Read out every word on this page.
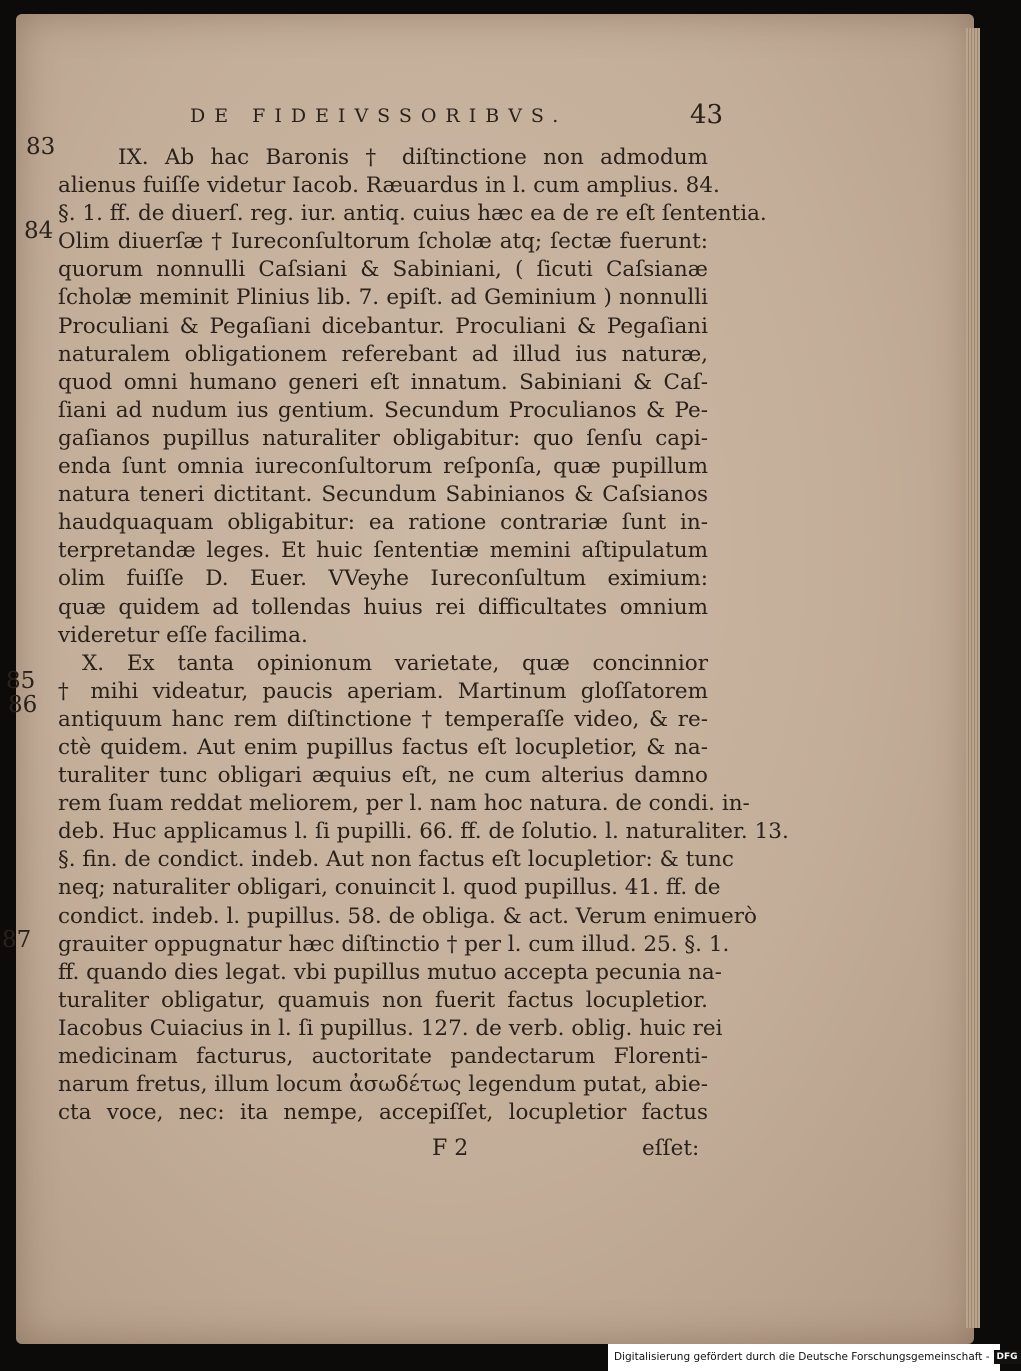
DE FIDEIVSSORIBVS.	43
83
84
85
86
87
IX. Ab hac Baronis † diſtinctione non admodum
alienus fuiſſe videtur Iacob. Ræuardus in l. cum amplius. 84.
§. 1. ff. de diuerſ. reg. iur. antiq. cuius hæc ea de re eſt ſententia.
Olim diuerſæ † Iureconſultorum ſcholæ atq; ſectæ fuerunt:
quorum nonnulli Caſsiani & Sabiniani, ( ſicuti Caſsianæ
ſcholæ meminit Plinius lib. 7. epiſt. ad Geminium ) nonnulli
Proculiani & Pegaſiani dicebantur. Proculiani & Pegaſiani
naturalem obligationem referebant ad illud ius naturæ,
quod omni humano generi eſt innatum. Sabiniani & Caſ-
ſiani ad nudum ius gentium. Secundum Proculianos & Pe-
gaſianos pupillus naturaliter obligabitur: quo ſenſu capi-
enda ſunt omnia iureconſultorum reſponſa, quæ pupillum
natura teneri dictitant. Secundum Sabinianos & Caſsianos
haudquaquam obligabitur: ea ratione contrariæ ſunt in-
terpretandæ leges. Et huic ſententiæ memini aſtipulatum
olim fuiſſe D. Euer. VVeyhe Iureconſultum eximium:
quæ quidem ad tollendas huius rei difficultates omnium
videretur eſſe facilima.
X. Ex tanta opinionum varietate, quæ concinnior
† mihi videatur, paucis aperiam. Martinum gloſſatorem
antiquum hanc rem diſtinctione † temperaſſe video, & re-
ctè quidem. Aut enim pupillus factus eſt locupletior, & na-
turaliter tunc obligari æquius eſt, ne cum alterius damno
rem ſuam reddat meliorem, per l. nam hoc natura. de condi. in-
deb. Huc applicamus l. ſi pupilli. 66. ff. de ſolutio. l. naturaliter. 13.
§. fin. de condict. indeb. Aut non factus eſt locupletior: & tunc
neq; naturaliter obligari, conuincit l. quod pupillus. 41. ff. de
condict. indeb. l. pupillus. 58. de obliga. & act. Verum enimuerò
grauiter oppugnatur hæc diſtinctio † per l. cum illud. 25. §. 1.
ff. quando dies legat. vbi pupillus mutuo accepta pecunia na-
turaliter obligatur, quamuis non fuerit factus locupletior.
Iacobus Cuiacius in l. ſi pupillus. 127. de verb. oblig. huic rei
medicinam facturus, auctoritate pandectarum Florenti-
narum fretus, illum locum ἀσωδέτως legendum putat, abie-
cta voce, nec: ita nempe, accepiſſet, locupletior factus
F 2	eſſet:
Digitalisierung gefördert durch die Deutsche Forschungsgemeinschaft - DFG
